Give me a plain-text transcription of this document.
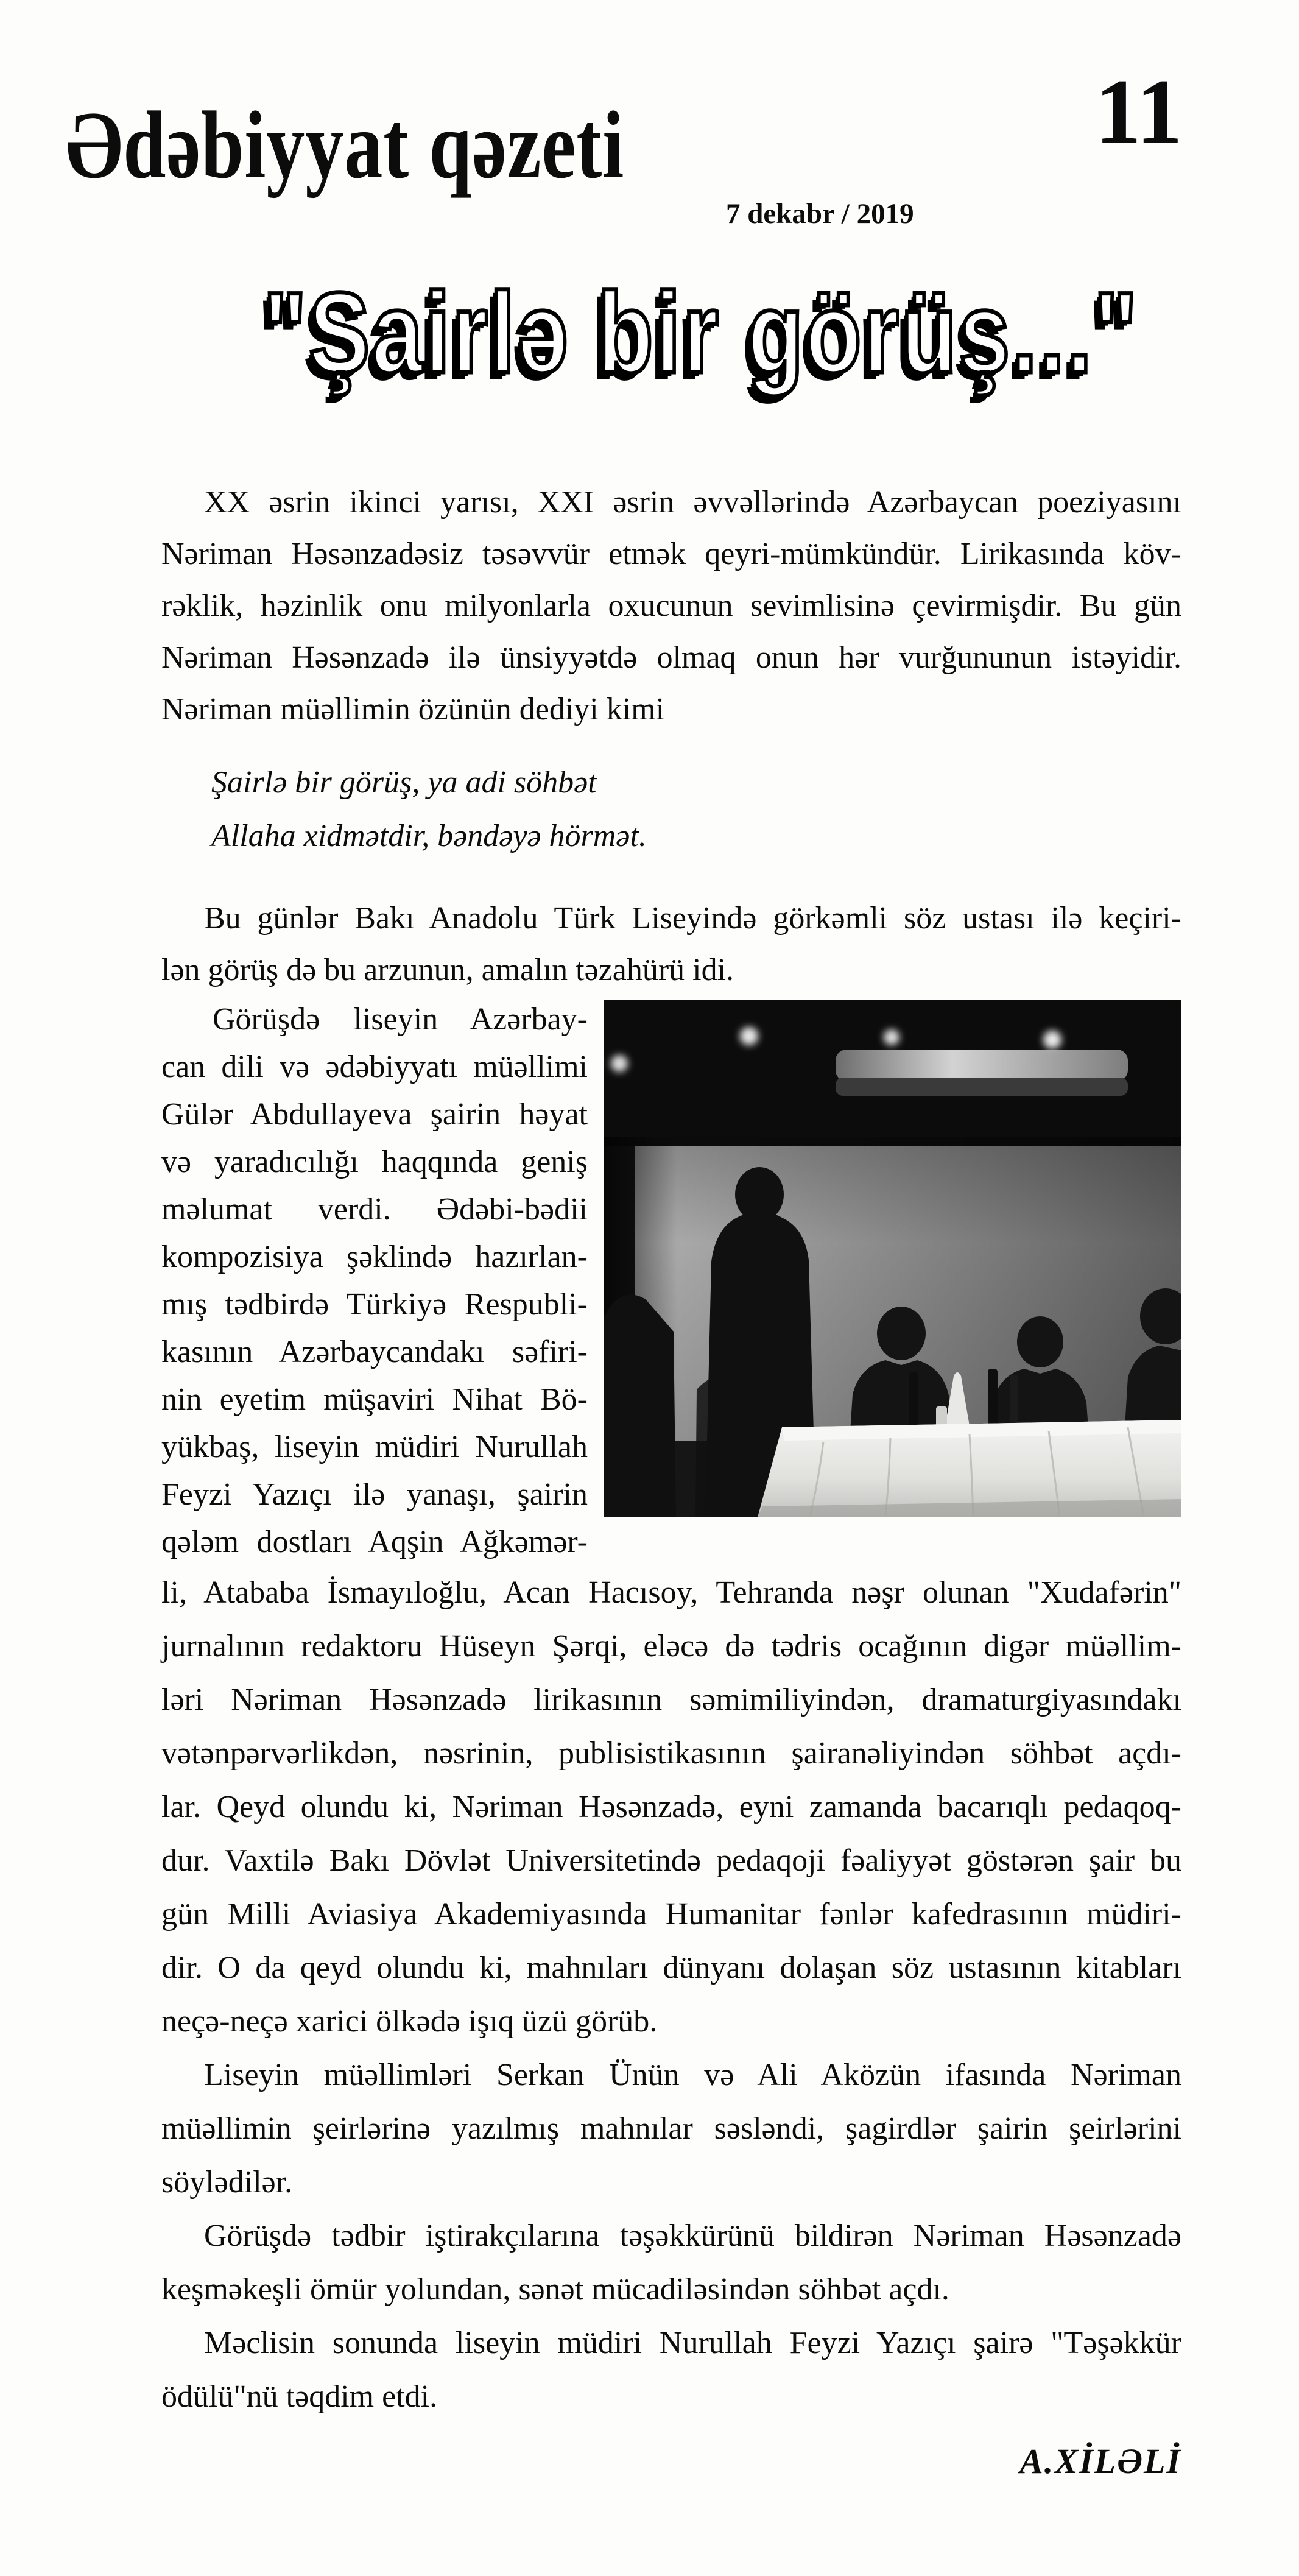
Ədəbiyyat qəzeti	11
7 dekabr / 2019
"Şairlə bir görüş..."
XX əsrin ikinci yarısı, XXI əsrin əvvəllərində Azərbaycan poeziyasını
Nəriman Həsənzadəsiz təsəvvür etmək qeyri-mümkündür. Lirikasında köv-
rəklik, həzinlik onu milyonlarla oxucunun sevimlisinə çevirmişdir. Bu gün
Nəriman Həsənzadə ilə ünsiyyətdə olmaq onun hər vurğununun istəyidir.
Nəriman müəllimin özünün dediyi kimi
Şairlə bir görüş, ya adi söhbət
Allaha xidmətdir, bəndəyə hörmət.
Bu günlər Bakı Anadolu Türk Liseyində görkəmli söz ustası ilə keçiri-
lən görüş də bu arzunun, amalın təzahürü idi.
Görüşdə liseyin Azərbay-
can dili və ədəbiyyatı müəllimi
Gülər Abdullayeva şairin həyat
və yaradıcılığı haqqında geniş
məlumat verdi. Ədəbi-bədii
kompozisiya şəklində hazırlan-
mış tədbirdə Türkiyə Respubli-
kasının Azərbaycandakı səfiri-
nin eyetim müşaviri Nihat Bö-
yükbaş, liseyin müdiri Nurullah
Feyzi Yazıçı ilə yanaşı, şairin
qələm dostları Aqşin Ağkəmər-
li, Atababa İsmayıloğlu, Acan Hacısoy, Tehranda nəşr olunan "Xudafərin"
jurnalının redaktoru Hüseyn Şərqi, eləcə də tədris ocağının digər müəllim-
ləri Nəriman Həsənzadə lirikasının səmimiliyindən, dramaturgiyasındakı
vətənpərvərlikdən, nəsrinin, publisistikasının şairanəliyindən söhbət açdı-
lar. Qeyd olundu ki, Nəriman Həsənzadə, eyni zamanda bacarıqlı pedaqoq-
dur. Vaxtilə Bakı Dövlət Universitetində pedaqoji fəaliyyət göstərən şair bu
gün Milli Aviasiya Akademiyasında Humanitar fənlər kafedrasının müdiri-
dir. O da qeyd olundu ki, mahnıları dünyanı dolaşan söz ustasının kitabları
neçə-neçə xarici ölkədə işıq üzü görüb.
Liseyin müəllimləri Serkan Ünün və Ali Aközün ifasında Nəriman
müəllimin şeirlərinə yazılmış mahnılar səsləndi, şagirdlər şairin şeirlərini
söylədilər.
Görüşdə tədbir iştirakçılarına təşəkkürünü bildirən Nəriman Həsənzadə
keşməkeşli ömür yolundan, sənət mücadiləsindən söhbət açdı.
Məclisin sonunda liseyin müdiri Nurullah Feyzi Yazıçı şairə "Təşəkkür
ödülü"nü təqdim etdi.
A.XİLƏLİ
